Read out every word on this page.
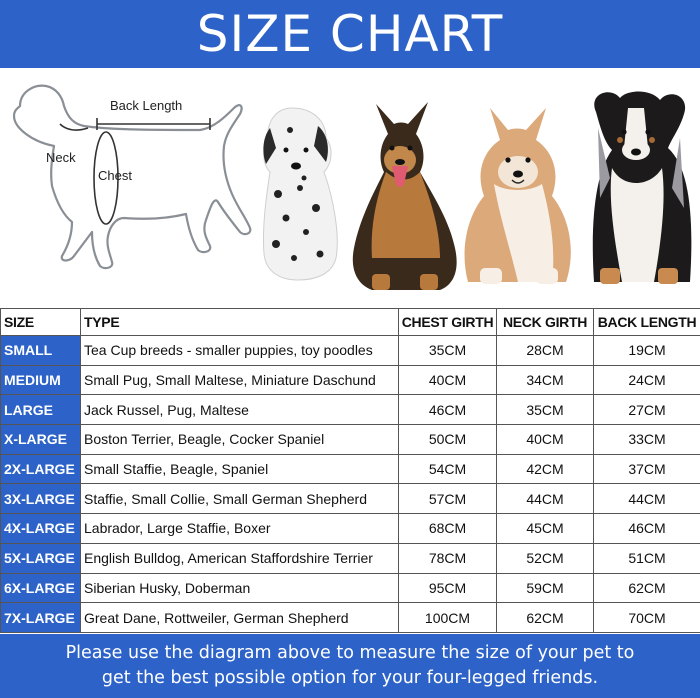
SIZE CHART
Back Length
Neck
Chest
SIZE	TYPE	CHEST GIRTH	NECK GIRTH	BACK LENGTH
SMALL	Tea Cup breeds - smaller puppies, toy poodles	35CM	28CM	19CM
MEDIUM	Small Pug, Small Maltese, Miniature Daschund	40CM	34CM	24CM
LARGE	Jack Russel, Pug, Maltese	46CM	35CM	27CM
X-LARGE	Boston Terrier, Beagle, Cocker Spaniel	50CM	40CM	33CM
2X-LARGE	Small Staffie, Beagle, Spaniel	54CM	42CM	37CM
3X-LARGE	Staffie, Small Collie, Small German Shepherd	57CM	44CM	44CM
4X-LARGE	Labrador, Large Staffie, Boxer	68CM	45CM	46CM
5X-LARGE	English Bulldog, American Staffordshire Terrier	78CM	52CM	51CM
6X-LARGE	Siberian Husky, Doberman	95CM	59CM	62CM
7X-LARGE	Great Dane, Rottweiler, German Shepherd	100CM	62CM	70CM
Please use the diagram above to measure the size of your pet to
get the best possible option for your four-legged friends.
